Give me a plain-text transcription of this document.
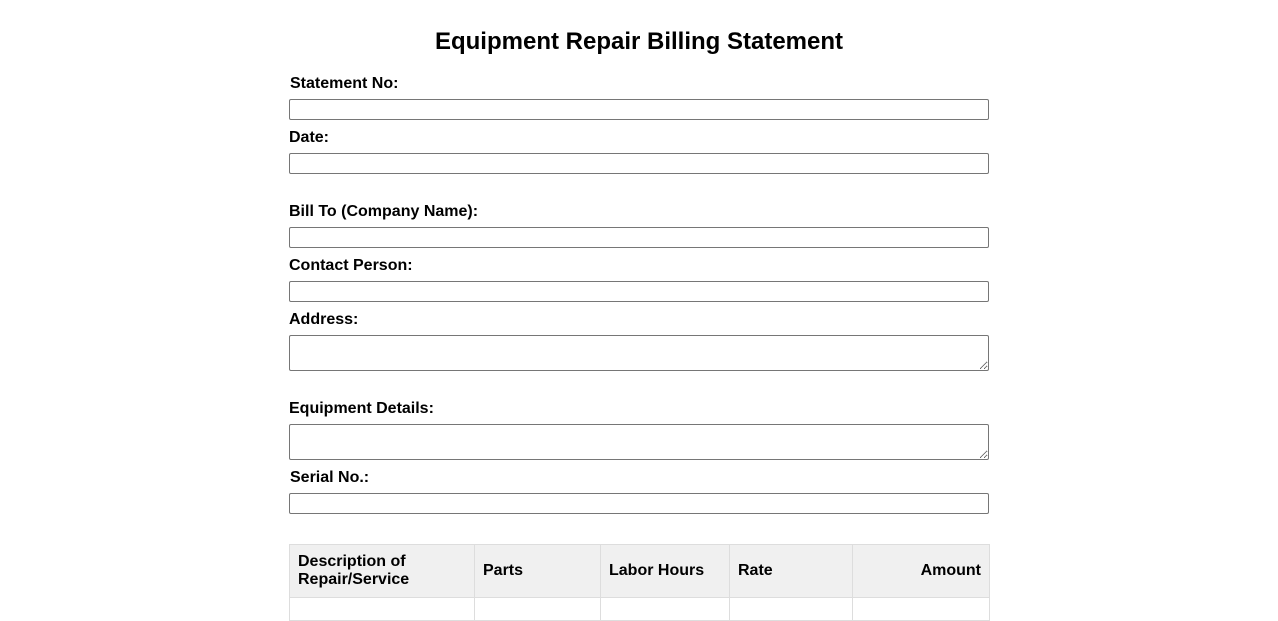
Equipment Repair Billing Statement
Statement No:
Date:
Bill To (Company Name):
Contact Person:
Address:
Equipment Details:
Serial No.:
Description of Repair/Service	Parts	Labor Hours	Rate	Amount
